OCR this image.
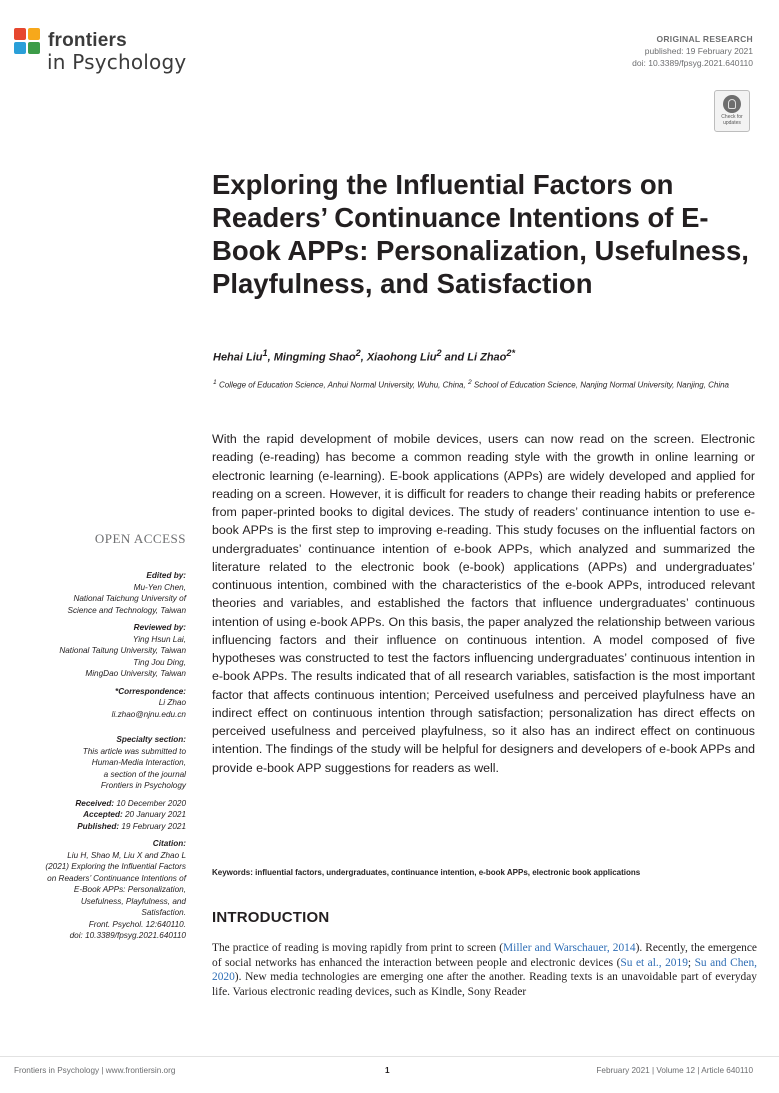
frontiers
in Psychology
ORIGINAL RESEARCH
published: 19 February 2021
doi: 10.3389/fpsyg.2021.640110
Check for
updates
Exploring the Influential Factors on Readers’ Continuance Intentions of E-Book APPs: Personalization, Usefulness, Playfulness, and Satisfaction
Hehai Liu$^1$, Mingming Shao$^2$, Xiaohong Liu$^2$ and Li Zhao$^{2*}$
$^1$ College of Education Science, Anhui Normal University, Wuhu, China, $^2$ School of Education Science, Nanjing Normal University, Nanjing, China
With the rapid development of mobile devices, users can now read on the screen. Electronic reading (e-reading) has become a common reading style with the growth in online learning or electronic learning (e-learning). E-book applications (APPs) are widely developed and applied for reading on a screen. However, it is difficult for readers to change their reading habits or preference from paper-printed books to digital devices. The study of readers’ continuance intention to use e-book APPs is the first step to improving e-reading. This study focuses on the influential factors on undergraduates’ continuance intention of e-book APPs, which analyzed and summarized the literature related to the electronic book (e-book) applications (APPs) and undergraduates’ continuous intention, combined with the characteristics of the e-book APPs, introduced relevant theories and variables, and established the factors that influence undergraduates’ continuous intention of using e-book APPs. On this basis, the paper analyzed the relationship between various influencing factors and their influence on continuous intention. A model composed of five hypotheses was constructed to test the factors influencing undergraduates’ continuous intention in e-book APPs. The results indicated that of all research variables, satisfaction is the most important factor that affects continuous intention; Perceived usefulness and perceived playfulness have an indirect effect on continuous intention through satisfaction; personalization has direct effects on perceived usefulness and perceived playfulness, so it also has an indirect effect on continuous intention. The findings of the study will be helpful for designers and developers of e-book APPs and provide e-book APP suggestions for readers as well.
Keywords: influential factors, undergraduates, continuance intention, e-book APPs, electronic book applications
INTRODUCTION
The practice of reading is moving rapidly from print to screen (Miller and Warschauer, 2014). Recently, the emergence of social networks has enhanced the interaction between people and electronic devices (Su et al., 2019; Su and Chen, 2020). New media technologies are emerging one after the another. Reading texts is an unavoidable part of everyday life. Various electronic reading devices, such as Kindle, Sony Reader
OPEN ACCESS
Edited by:
Mu-Yen Chen,
National Taichung University of
Science and Technology, Taiwan
Reviewed by:
Ying Hsun Lai,
National Taitung University, Taiwan
Ting Jou Ding,
MingDao University, Taiwan
*Correspondence:
Li Zhao
li.zhao@njnu.edu.cn
Specialty section:
This article was submitted to
Human-Media Interaction,
a section of the journal
Frontiers in Psychology
Received: 10 December 2020
Accepted: 20 January 2021
Published: 19 February 2021
Citation:
Liu H, Shao M, Liu X and Zhao L
(2021) Exploring the Influential Factors
on Readers’ Continuance Intentions of
E-Book APPs: Personalization,
Usefulness, Playfulness, and
Satisfaction.
Front. Psychol. 12:640110.
doi: 10.3389/fpsyg.2021.640110
Frontiers in Psychology | www.frontiersin.org	1	February 2021 | Volume 12 | Article 640110
